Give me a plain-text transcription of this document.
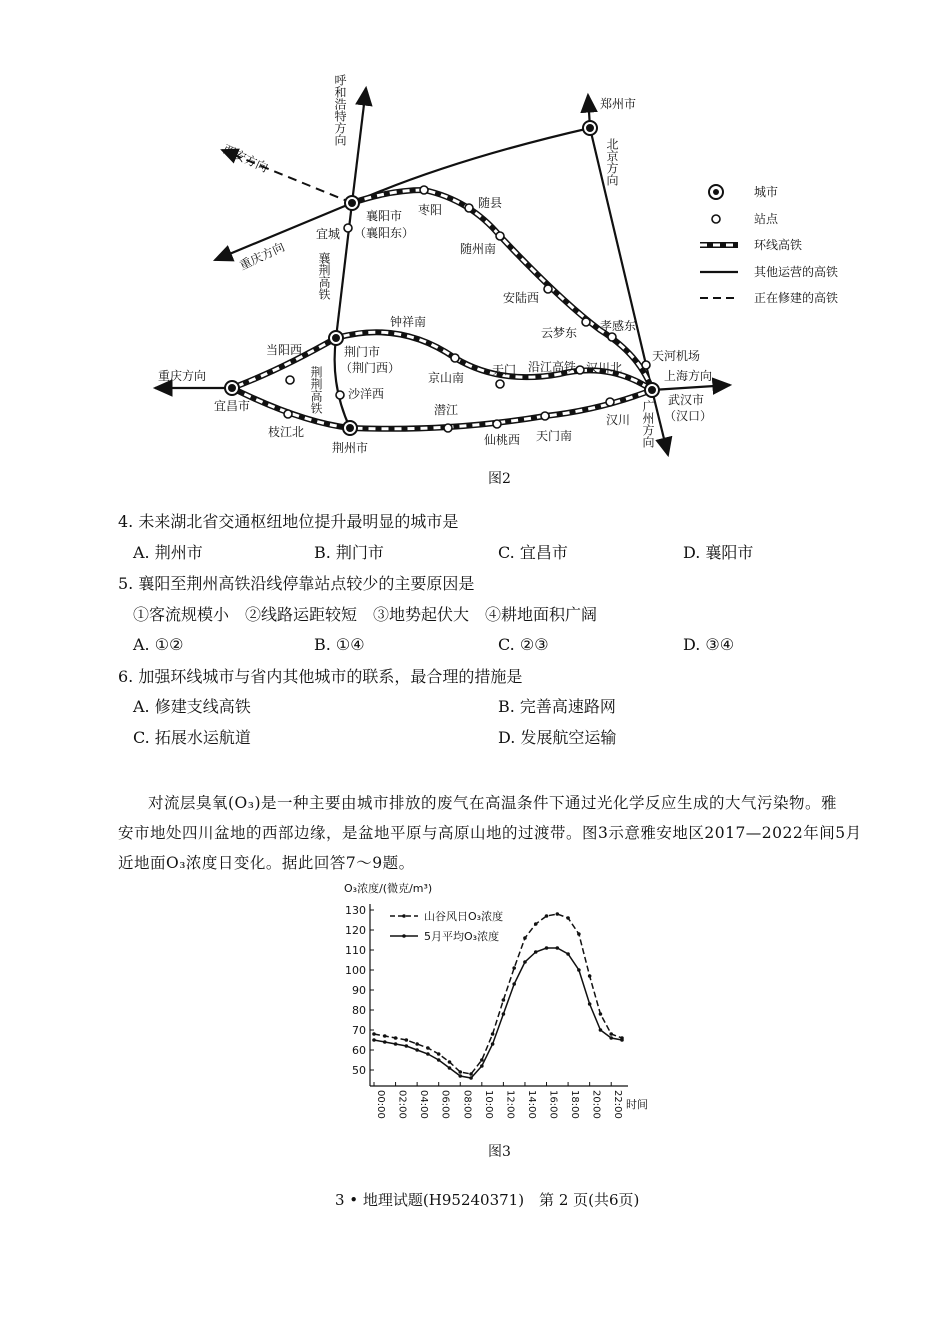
呼和浩特方向	郑州市
北京方向
西安方向
重庆方向
襄阳市
（襄阳东）
枣阳	随县
随州南
安陆西
云梦东 孝感东
天河机场
宜城
襄荆高铁
荆门市
（荆门西）
钟祥南
京山南
天门 沿江高铁 汉川北
上海方向
武汉市
（汉口）
广州方向
重庆方向
当阳西
荆荆高铁 沙洋西
宜昌市
枝江北
荆州市
潜江
仙桃西 天门南
汉川
城市
站点
环线高铁
其他运营的高铁
正在修建的高铁
图2
4. 未来湖北省交通枢纽地位提升最明显的城市是
A. 荆州市	B. 荆门市	C. 宜昌市	D. 襄阳市
5. 襄阳至荆州高铁沿线停靠站点较少的主要原因是
①客流规模小　②线路运距较短　③地势起伏大　④耕地面积广阔
A. ①②	B. ①④	C. ②③	D. ③④
6. 加强环线城市与省内其他城市的联系，最合理的措施是
A. 修建支线高铁	B. 完善高速路网
C. 拓展水运航道	D. 发展航空运输
对流层臭氧(O₃)是一种主要由城市排放的废气在高温条件下通过光化学反应生成的大气污染物。雅
安市地处四川盆地的西部边缘，是盆地平原与高原山地的过渡带。图3示意雅安地区2017—2022年间5月
近地面O₃浓度日变化。据此回答7～9题。
O₃浓度/(微克/m³)
时间
50
60
70
80
90
100
110
120
130
00:00 02:00 04:00 06:00 08:00 10:00 12:00 14:00 16:00 18:00 20:00 22:00
山谷风日O₃浓度
5月平均O₃浓度
图3
3 • 地理试题(H95240371)　第 2 页(共6页)
